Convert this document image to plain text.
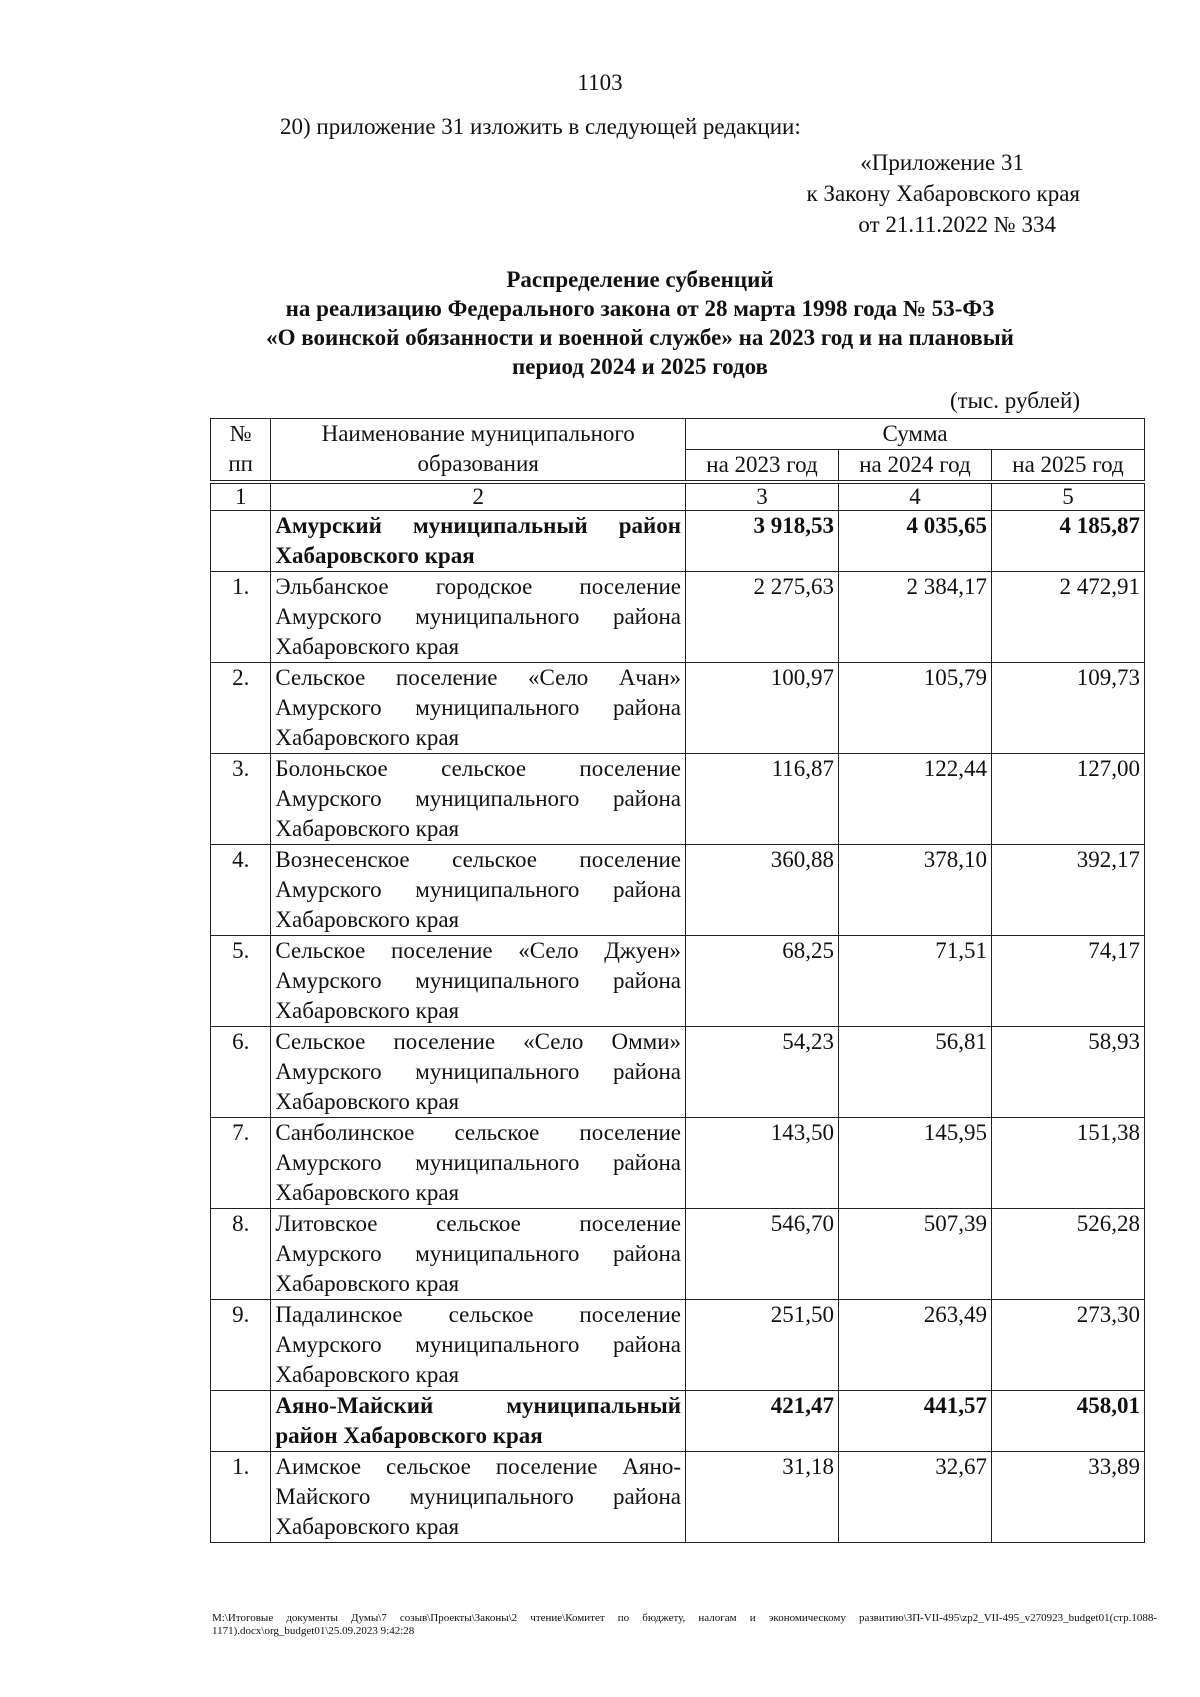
1103
20) приложение 31 изложить в следующей редакции:
«Приложение 31
к Закону Хабаровского края
от 21.11.2022 № 334
Распределение субвенций
на реализацию Федерального закона от 28 марта 1998 года № 53-ФЗ
«О воинской обязанности и военной службе» на 2023 год и на плановый
период 2024 и 2025 годов
(тыс. рублей)
№ пп	Наименование муниципального образования	Сумма		
		на 2023 год	на 2024 год	на 2025 год
1	2	3	4	5
	Амурский муниципальный район Хабаровского края	3 918,53	4 035,65	4 185,87
1.	Эльбанское городское поселение Амурского муниципального района Хабаровского края	2 275,63	2 384,17	2 472,91
2.	Сельское поселение «Село Ачан» Амурского муниципального района Хабаровского края	100,97	105,79	109,73
3.	Болоньское сельское поселение Амурского муниципального района Хабаровского края	116,87	122,44	127,00
4.	Вознесенское сельское поселение Амурского муниципального района Хабаровского края	360,88	378,10	392,17
5.	Сельское поселение «Село Джуен» Амурского муниципального района Хабаровского края	68,25	71,51	74,17
6.	Сельское поселение «Село Омми» Амурского муниципального района Хабаровского края	54,23	56,81	58,93
7.	Санболинское сельское поселение Амурского муниципального района Хабаровского края	143,50	145,95	151,38
8.	Литовское сельское поселение Амурского муниципального района Хабаровского края	546,70	507,39	526,28
9.	Падалинское сельское поселение Амурского муниципального района Хабаровского края	251,50	263,49	273,30
	Аяно-Майский муниципальный район Хабаровского края	421,47	441,57	458,01
1.	Аимское сельское поселение Аяно-Майского муниципального района Хабаровского края	31,18	32,67	33,89
M:\Итоговые документы Думы\7 созыв\Проекты\Законы\2 чтение\Комитет по бюджету, налогам и экономическому развитию\ЗП-VII-495\zp2_VII-495_v270923_budget01(стр.1088-1171).docx\org_budget01\25.09.2023 9:42:28
